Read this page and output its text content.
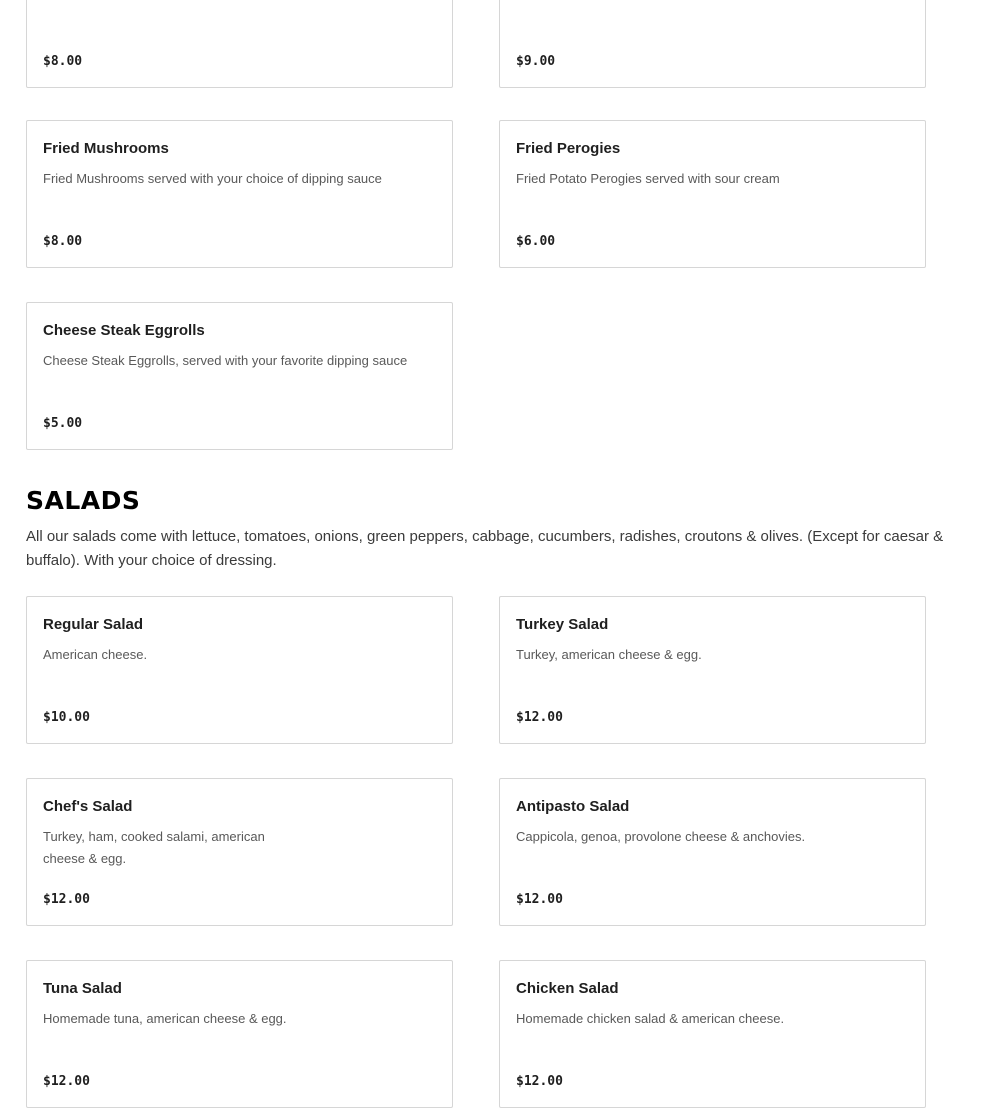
$8.00	$9.00
Fried Mushrooms
Fried Mushrooms served with your choice of dipping sauce
$8.00
Fried Perogies
Fried Potato Perogies served with sour cream
$6.00
Cheese Steak Eggrolls
Cheese Steak Eggrolls, served with your favorite dipping sauce
$5.00
SALADS
All our salads come with lettuce, tomatoes, onions, green peppers, cabbage, cucumbers, radishes, croutons & olives. (Except for caesar & buffalo). With your choice of dressing.
Regular Salad
American cheese.
$10.00
Turkey Salad
Turkey, american cheese & egg.
$12.00
Chef's Salad
Turkey, ham, cooked salami, american cheese & egg.
$12.00
Antipasto Salad
Cappicola, genoa, provolone cheese & anchovies.
$12.00
Tuna Salad
Homemade tuna, american cheese & egg.
$12.00
Chicken Salad
Homemade chicken salad & american cheese.
$12.00
